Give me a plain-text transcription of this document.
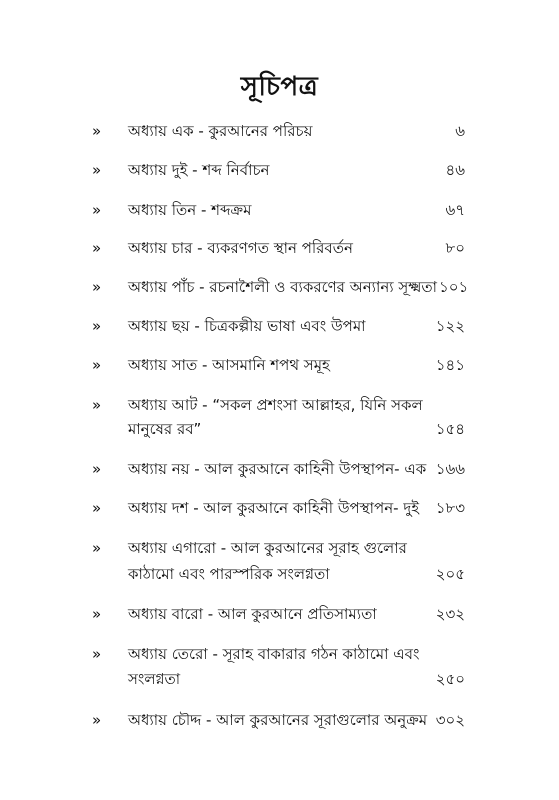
সূচিপত্র
» অধ্যায় এক - কুরআনের পরিচয়	৬
» অধ্যায় দুই - শব্দ নির্বাচন	৪৬
» অধ্যায় তিন - শব্দক্রম	৬৭
» অধ্যায় চার - ব্যকরণগত স্থান পরিবর্তন	৮০
» অধ্যায় পাঁচ - রচনাশৈলী ও ব্যকরণের অন্যান্য সূক্ষ্মতা ১০১
» অধ্যায় ছয় - চিত্রকল্পীয় ভাষা এবং উপমা	১২২
» অধ্যায় সাত - আসমানি শপথ সমূহ	১৪১
» অধ্যায় আট - “সকল প্রশংসা আল্লাহর, যিনি সকল
মানুষের রব”	১৫৪
» অধ্যায় নয় - আল কুরআনে কাহিনী উপস্থাপন- এক ১৬৬
» অধ্যায় দশ - আল কুরআনে কাহিনী উপস্থাপন- দুই ১৮৩
» অধ্যায় এগারো - আল কুরআনের সূরাহ গুলোর
কাঠামো এবং পারস্পরিক সংলগ্নতা	২০৫
» অধ্যায় বারো - আল কুরআনে প্রতিসাম্যতা	২৩২
» অধ্যায় তেরো - সূরাহ বাকারার গঠন কাঠামো এবং
সংলগ্নতা	২৫০
» অধ্যায় চৌদ্দ - আল কুরআনের সূরাগুলোর অনুক্রম ৩০২
